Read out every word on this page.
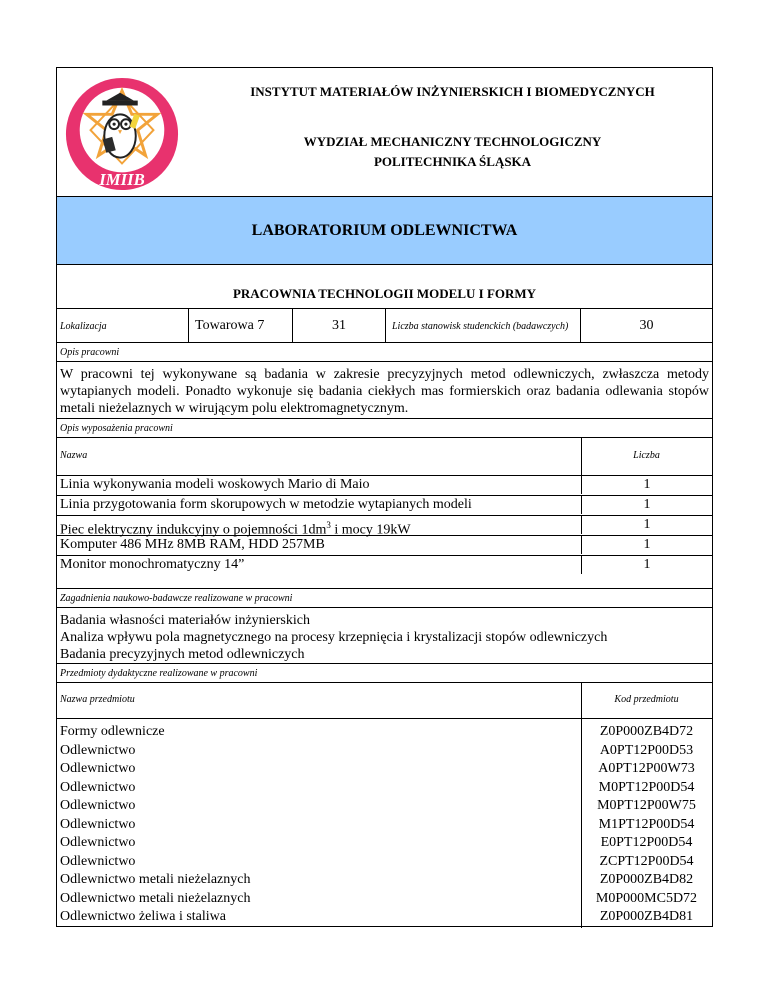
IMIIB
INSTYTUT MATERIAŁÓW INŻYNIERSKICH I BIOMEDYCZNYCH
WYDZIAŁ MECHANICZNY TECHNOLOGICZNY
POLITECHNIKA ŚLĄSKA
LABORATORIUM ODLEWNICTWA
PRACOWNIA TECHNOLOGII MODELU I FORMY
Lokalizacja	Towarowa 7	31	Liczba stanowisk studenckich (badawczych)	30
Opis pracowni
W pracowni tej wykonywane są badania w zakresie precyzyjnych metod odlewniczych, zwłaszcza metody wytapianych modeli. Ponadto wykonuje się badania ciekłych mas formierskich oraz badania odlewania stopów metali nieżelaznych w wirującym polu elektromagnetycznym.
Opis wyposażenia pracowni
Nazwa	Liczba
Linia wykonywania modeli woskowych Mario di Maio	1
Linia przygotowania form skorupowych w metodzie wytapianych modeli	1
Piec elektryczny indukcyjny o pojemności $1dm^3$ i mocy 19kW	1
Komputer 486 MHz 8MB RAM, HDD 257MB	1
Monitor monochromatyczny 14”	1
Zagadnienia naukowo-badawcze realizowane w pracowni
Badania własności materiałów inżynierskich
Analiza wpływu pola magnetycznego na procesy krzepnięcia i krystalizacji stopów odlewniczych
Badania precyzyjnych metod odlewniczych
Przedmioty dydaktyczne realizowane w pracowni
Nazwa przedmiotu	Kod przedmiotu
Formy odlewnicze	Z0P000ZB4D72
Odlewnictwo	A0PT12P00D53
Odlewnictwo	A0PT12P00W73
Odlewnictwo	M0PT12P00D54
Odlewnictwo	M0PT12P00W75
Odlewnictwo	M1PT12P00D54
Odlewnictwo	E0PT12P00D54
Odlewnictwo	ZCPT12P00D54
Odlewnictwo metali nieżelaznych	Z0P000ZB4D82
Odlewnictwo metali nieżelaznych	M0P000MC5D72
Odlewnictwo żeliwa i staliwa	Z0P000ZB4D81
